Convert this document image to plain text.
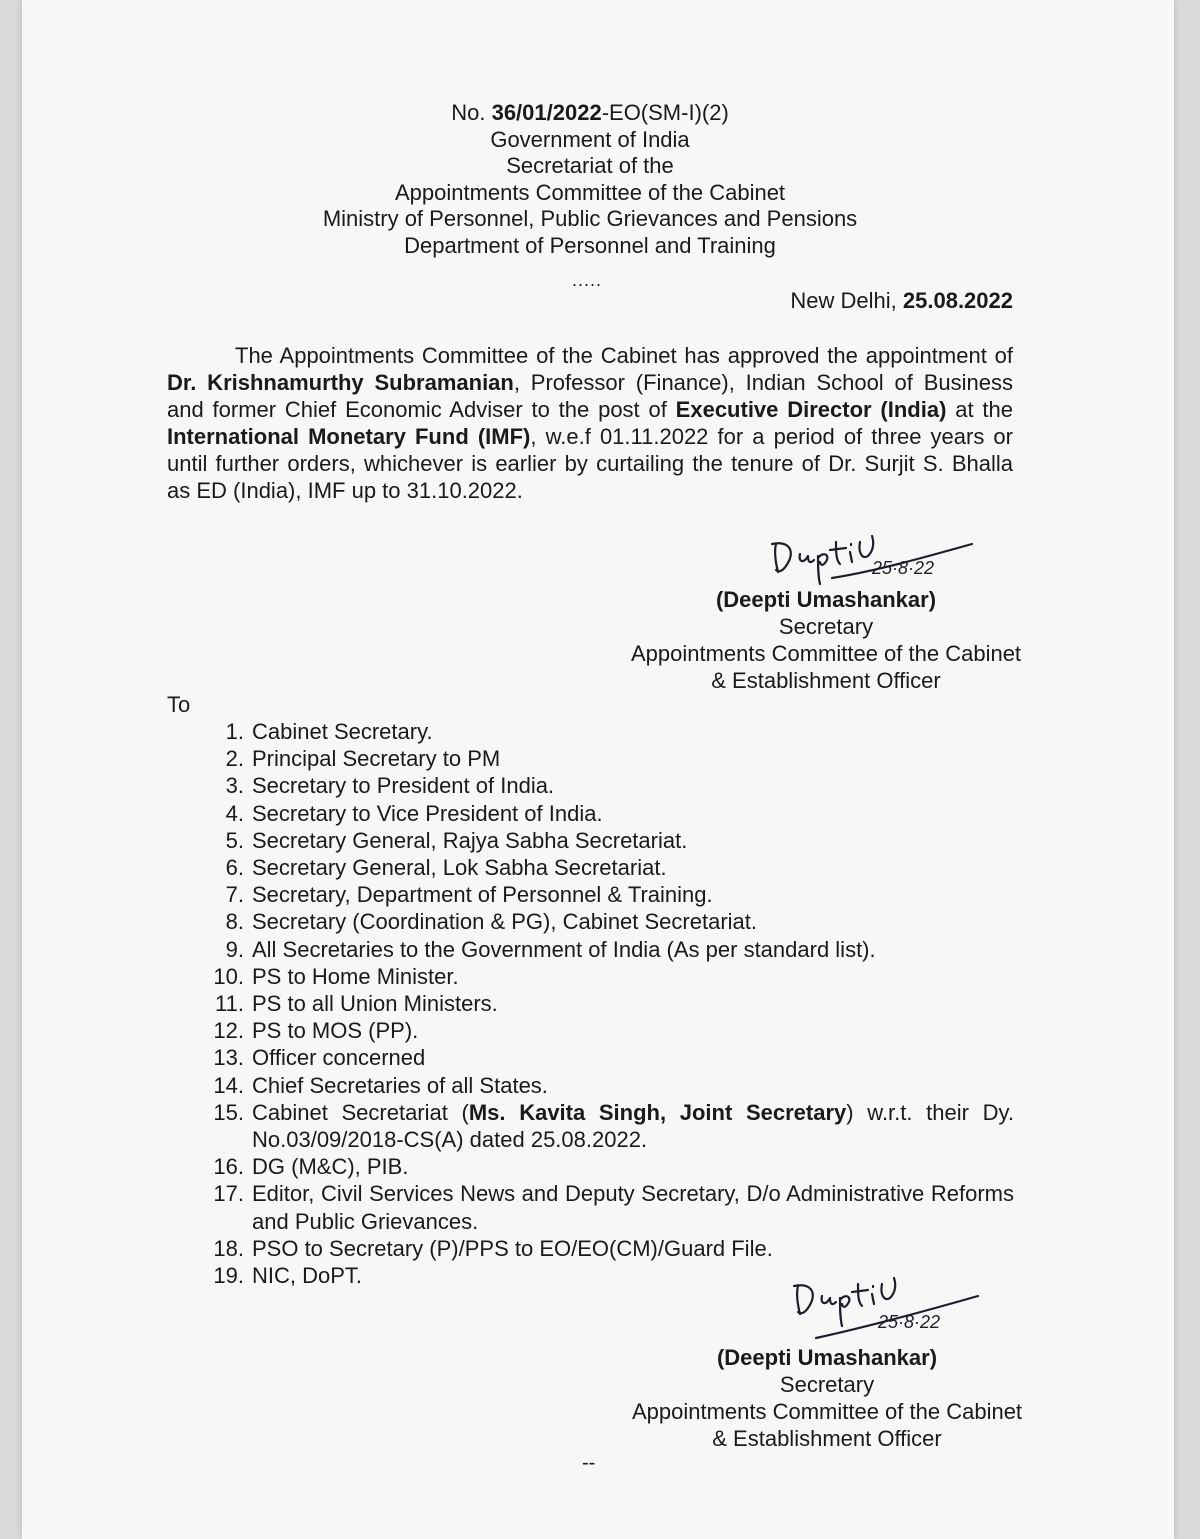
No. 36/01/2022-EO(SM-I)(2)
Government of India
Secretariat of the
Appointments Committee of the Cabinet
Ministry of Personnel, Public Grievances and Pensions
Department of Personnel and Training
.....
New Delhi, 25.08.2022
The Appointments Committee of the Cabinet has approved the appointment of Dr. Krishnamurthy Subramanian, Professor (Finance), Indian School of Business and former Chief Economic Adviser to the post of Executive Director (India) at the International Monetary Fund (IMF), w.e.f 01.11.2022 for a period of three years or until further orders, whichever is earlier by curtailing the tenure of Dr. Surjit S. Bhalla as ED (India), IMF up to 31.10.2022.
25·8·22
(Deepti Umashankar)
Secretary
Appointments Committee of the Cabinet
& Establishment Officer
To
1. Cabinet Secretary.
2. Principal Secretary to PM
3. Secretary to President of India.
4. Secretary to Vice President of India.
5. Secretary General, Rajya Sabha Secretariat.
6. Secretary General, Lok Sabha Secretariat.
7. Secretary, Department of Personnel & Training.
8. Secretary (Coordination & PG), Cabinet Secretariat.
9. All Secretaries to the Government of India (As per standard list).
10. PS to Home Minister.
11. PS to all Union Ministers.
12. PS to MOS (PP).
13. Officer concerned
14. Chief Secretaries of all States.
15. Cabinet Secretariat (Ms. Kavita Singh, Joint Secretary) w.r.t. their Dy. No.03/09/2018-CS(A) dated 25.08.2022.
16. DG (M&C), PIB.
17. Editor, Civil Services News and Deputy Secretary, D/o Administrative Reforms and Public Grievances.
18. PSO to Secretary (P)/PPS to EO/EO(CM)/Guard File.
19. NIC, DoPT.
25·8·22
(Deepti Umashankar)
Secretary
Appointments Committee of the Cabinet
& Establishment Officer
--
